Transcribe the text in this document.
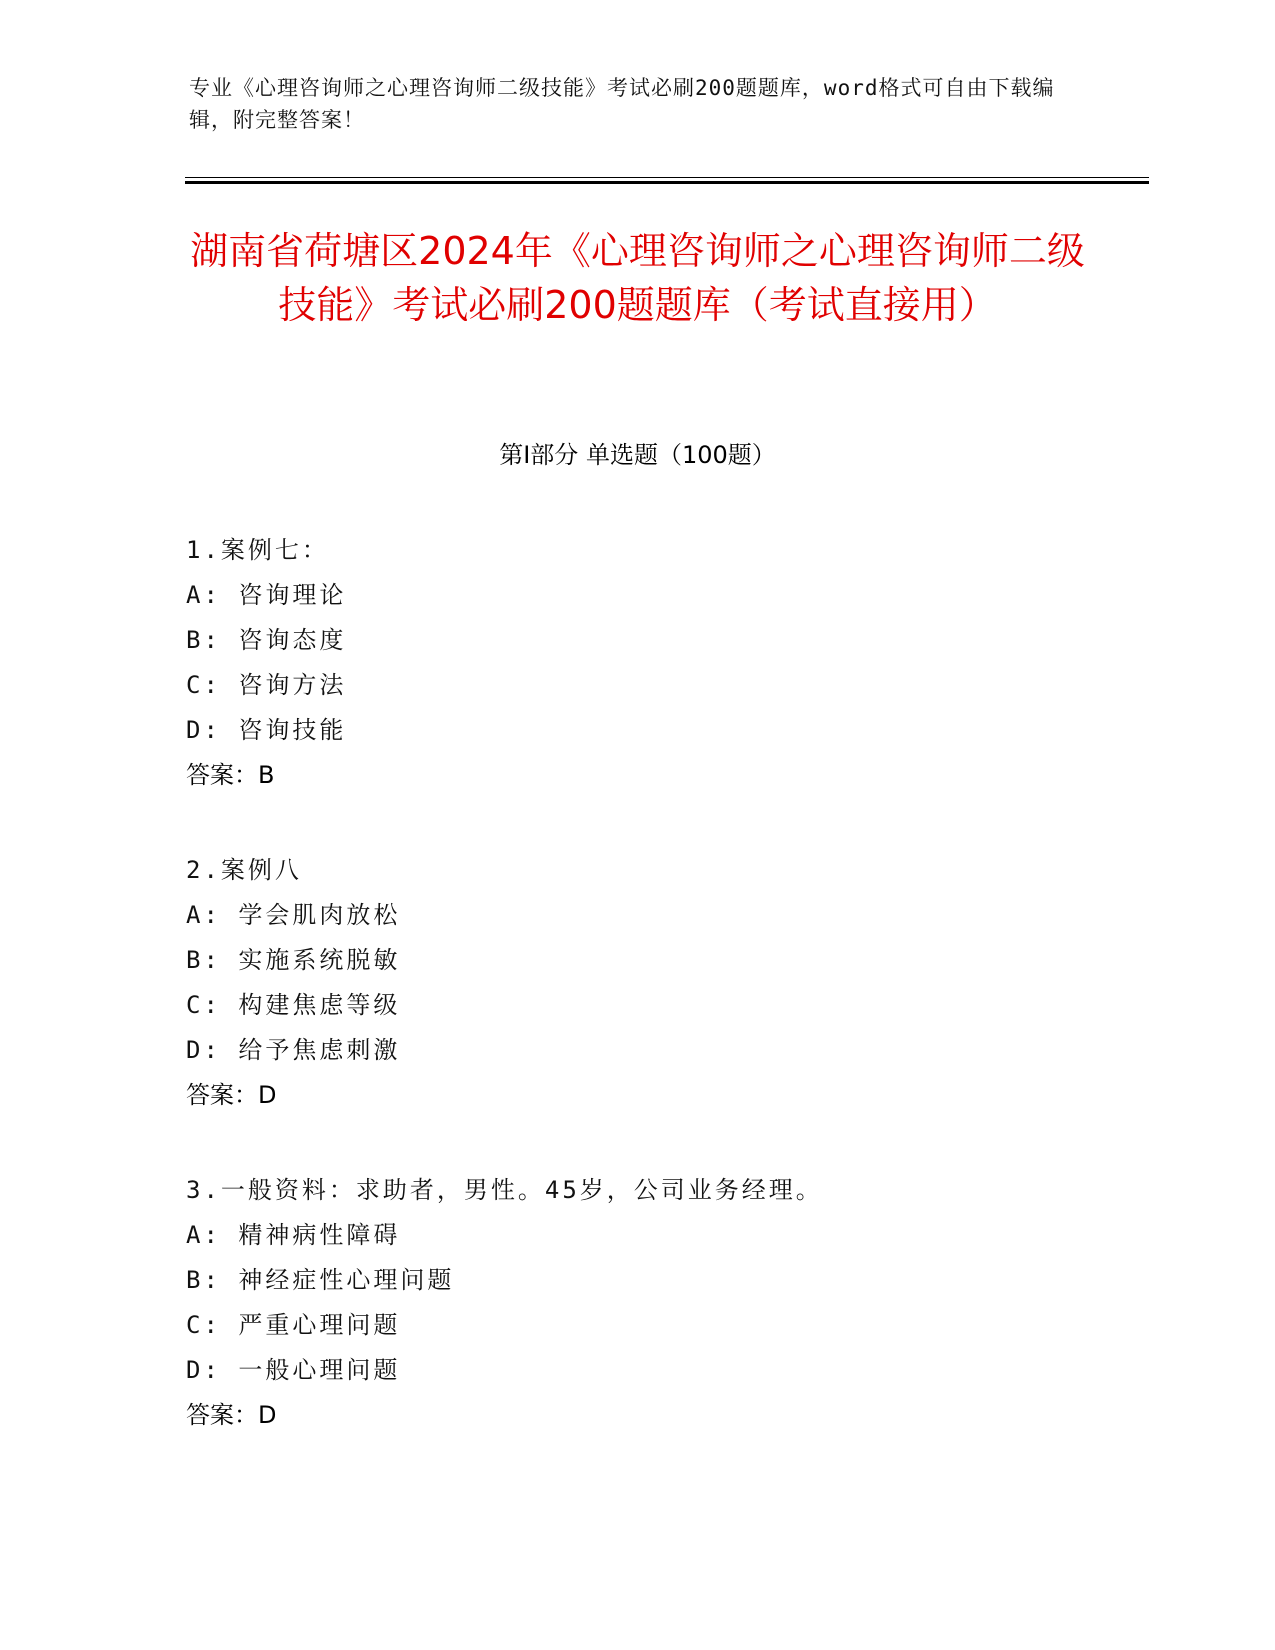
专业《心理咨询师之心理咨询师二级技能》考试必刷200题题库，word格式可自由下载编辑，附完整答案！
湖南省荷塘区2024年《心理咨询师之心理咨询师二级技能》考试必刷200题题库（考试直接用）
第Ⅰ部分 单选题（100题）
1.案例七：
A: 咨询理论
B: 咨询态度
C: 咨询方法
D: 咨询技能
答案：B
2.案例八
A: 学会肌肉放松
B: 实施系统脱敏
C: 构建焦虑等级
D: 给予焦虑刺激
答案：D
3.一般资料：求助者，男性。45岁，公司业务经理。
A: 精神病性障碍
B: 神经症性心理问题
C: 严重心理问题
D: 一般心理问题
答案：D
